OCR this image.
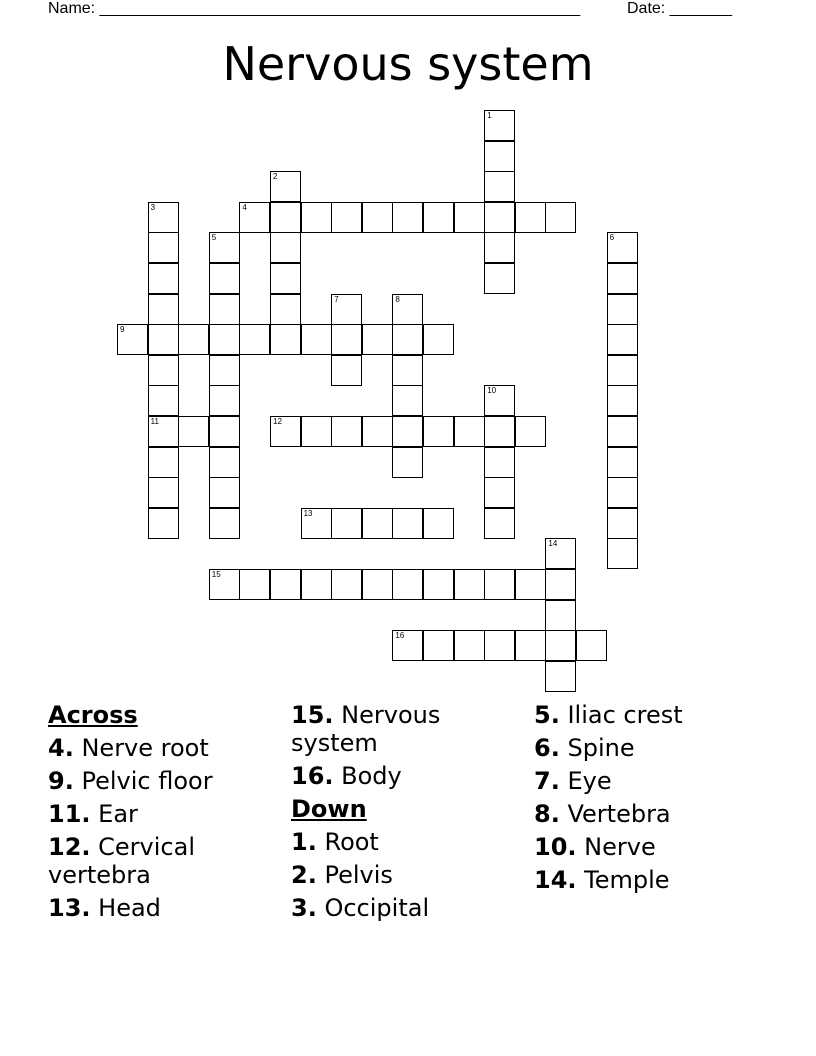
Name: ______________________________________________________	Date: _______
Nervous system
1
2
3
11
4
5	6
7	8
9
10
12
13
14
15
16
Across
4. Nerve root
9. Pelvic floor
11. Ear
12. Cervical vertebra
13. Head
15. Nervous system
16. Body
Down
1. Root
2. Pelvis
3. Occipital
5. Iliac crest
6. Spine
7. Eye
8. Vertebra
10. Nerve
14. Temple
